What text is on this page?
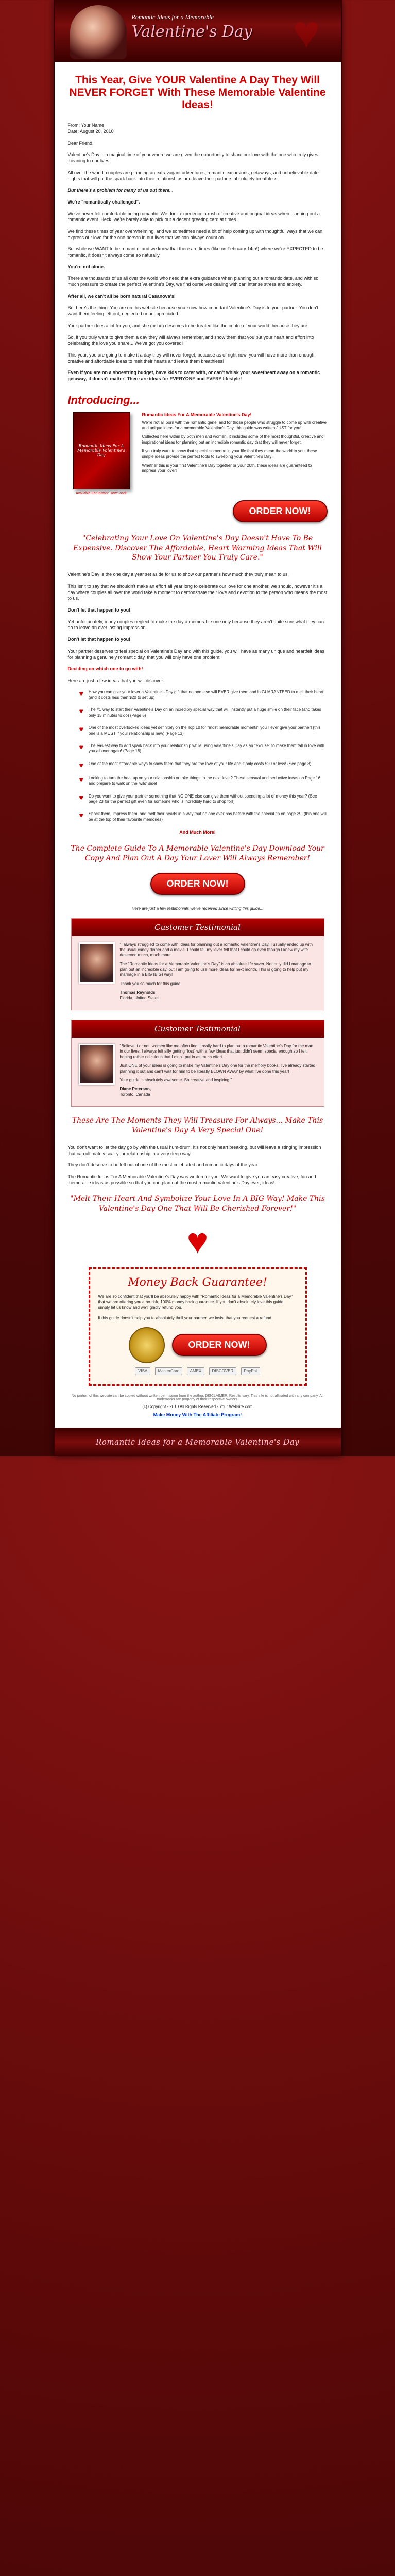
♥
Romantic Ideas for a Memorable
Valentine's Day
This Year, Give YOUR Valentine A Day They Will NEVER FORGET With These Memorable Valentine Ideas!

From: Your Name

Date: August 20, 2010

Dear Friend,

Valentine's Day is a magical time of year where we are given the opportunity to share our love with the one who truly gives meaning to our lives.

All over the world, couples are planning an extravagant adventures, romantic excursions, getaways, and unbelievable date nights that will put the spark back into their relationships and leave their partners absolutely breathless.

But there's a problem for many of us out there...

We're "romantically challenged".

We've never felt comfortable being romantic. We don't experience a rush of creative and original ideas when planning out a romantic event. Heck, we're barely able to pick out a decent greeting card at times.

We find these times of year overwhelming, and we sometimes need a bit of help coming up with thoughtful ways that we can express our love for the one person in our lives that we can always count on.

But while we WANT to be romantic, and we know that there are times (like on February 14th!) where we're EXPECTED to be romantic, it doesn't always come so naturally.

You're not alone.

There are thousands of us all over the world who need that extra guidance when planning out a romantic date, and with so much pressure to create the perfect Valentine's Day, we find ourselves dealing with can intense stress and anxiety.

After all, we can't all be born natural Casanova's!

But here's the thing. You are on this website because you know how important Valentine's Day is to your partner. You don't want them feeling left out, neglected or unappreciated.

Your partner does a lot for you, and she (or he) deserves to be treated like the centre of your world, because they are.

So, if you truly want to give them a day they will always remember, and show them that you put your heart and effort into celebrating the love you share... We've got you covered!

This year, you are going to make it a day they will never forget, because as of right now, you will have more than enough creative and affordable ideas to melt their hearts and leave them breathless!

Even if you are on a shoestring budget, have kids to cater with, or can't whisk your sweetheart away on a romantic getaway, it doesn't matter! There are ideas for EVERYONE and EVERY lifestyle!

Introducing...
Romantic Ideas For A Memorable Valentine's Day
Available For Instant Download!
Romantic Ideas For A Memorable Valentine's Day!

We're not all born with the romantic gene, and for those people who struggle to come up with creative and unique ideas for a memorable Valentine's Day, this guide was written JUST for you!

Collected here within by both men and women, it includes some of the most thoughtful, creative and inspirational ideas for planning out an incredible romantic day that they will never forget.

If you truly want to show that special someone in your life that they mean the world to you, these simple ideas provide the perfect tools to sweeping your Valentine's Day!

Whether this is your first Valentine's Day together or your 20th, these ideas are guaranteed to impress your lover!

ORDER NOW!
"Celebrating Your Love On Valentine's Day Doesn't Have To Be Expensive. Discover The Affordable, Heart Warming Ideas That Will Show Your Partner You Truly Care."

Valentine's Day is the one day a year set aside for us to show our partner's how much they truly mean to us.

This isn't to say that we shouldn't make an effort all year long to celebrate our love for one another, we should, however it's a day where couples all over the world take a moment to demonstrate their love and devotion to the person who means the most to us.

Don't let that happen to you!

Yet unfortunately, many couples neglect to make the day a memorable one only because they aren't quite sure what they can do to leave an ever lasting impression.

Don't let that happen to you!

Your partner deserves to feel special on Valentine's Day and with this guide, you will have as many unique and heartfelt ideas for planning a genuinely romantic day, that you will only have one problem:

Deciding on which one to go with!

Here are just a few ideas that you will discover:

♥ How you can give your lover a Valentine's Day gift that no one else will EVER give them and is GUARANTEED to melt their heart! (and it costs less than $20 to set up)
♥ The #1 way to start their Valentine's Day on an incredibly special way that will instantly put a huge smile on their face (and takes only 15 minutes to do) (Page 5)
♥ One of the most overlooked ideas yet definitely on the Top 10 for "most memorable moments" you'll ever give your partner! (this one is a MUST if your relationship is new) (Page 13)
♥ The easiest way to add spark back into your relationship while using Valentine's Day as an "excuse" to make them fall in love with you all over again! (Page 18)
♥ One of the most affordable ways to show them that they are the love of your life and it only costs $20 or less! (See page 8)
♥ Looking to turn the heat up on your relationship or take things to the next level? These sensual and seductive ideas on Page 16 and prepare to walk on the 'wild' side!
♥ Do you want to give your partner something that NO ONE else can give them without spending a lot of money this year? (See page 23 for the perfect gift even for someone who is incredibly hard to shop for!)
♥ Shock them, impress them, and melt their hearts in a way that no one ever has before with the special tip on page 29. (this one will be at the top of their favourite memories)

And Much More!

The Complete Guide To A Memorable Valentine's Day Download Your Copy And Plan Out A Day Your Lover Will Always Remember!
ORDER NOW!
Here are just a few testimonials we've received since writing this guide...
Customer Testimonial

"I always struggled to come with ideas for planning out a romantic Valentine's Day. I usually ended up with the usual candy dinner and a movie. I could tell my lover felt that I could do even though I knew my wife deserved much, much more.

The "Romantic Ideas for a Memorable Valentine's Day" is an absolute life saver. Not only did I manage to plan out an incredible day, but I am going to use more ideas for next month. This is going to help put my marriage in a BIG (BIG) way!

Thank you so much for this guide!

Thomas Reynolds

Florida, United States

Customer Testimonial

"Believe it or not, women like me often find it really hard to plan out a romantic Valentine's Day for the man in our lives. I always felt silly getting "lost" with a few ideas that just didn't seem special enough so I felt hoping rather ridiculous that I didn't put in as much effort.

Just ONE of your ideas is going to make my Valentine's Day one for the memory books! I've already started planning it out and can't wait for him to be literally BLOWN AWAY by what I've done this year!

Your guide is absolutely awesome. So creative and inspiring!"

Diane Peterson,

Toronto, Canada

These Are The Moments They Will Treasure For Always... Make This Valentine's Day A Very Special One!

You don't want to let the day go by with the usual hum-drum. It's not only heart breaking, but will leave a stinging impression that can ultimately scar your relationship in a very deep way.

They don't deserve to be left out of one of the most celebrated and romantic days of the year.

The Romantic Ideas For A Memorable Valentine's Day was written for you. We want to give you an easy creative, fun and memorable ideas as possible so that you can plan out the most romantic Valentine's Day ever; ideas!

"Melt Their Heart And Symbolize Your Love In A BIG Way! Make This Valentine's Day One That Will Be Cherished Forever!"
♥
Money Back Guarantee!

We are so confident that you'll be absolutely happy with "Romantic Ideas for a Memorable Valentine's Day" that we are offering you a no-risk, 100% money back guarantee. If you don't absolutely love this guide, simply let us know and we'll gladly refund you.

If this guide doesn't help you to absolutely thrill your partner, we insist that you request a refund.

ORDER NOW!
VISA	MasterCard	AMEX	DISCOVER	PayPal
No portion of this website can be copied without written permission from the author. DISCLAIMER: Results vary. This site is not affiliated with any company. All trademarks are property of their respective owners.
(c) Copyright - 2010 All Rights Reserved - Your Website.com
Make Money With The Affiliate Program!
Romantic Ideas for a Memorable Valentine's Day
